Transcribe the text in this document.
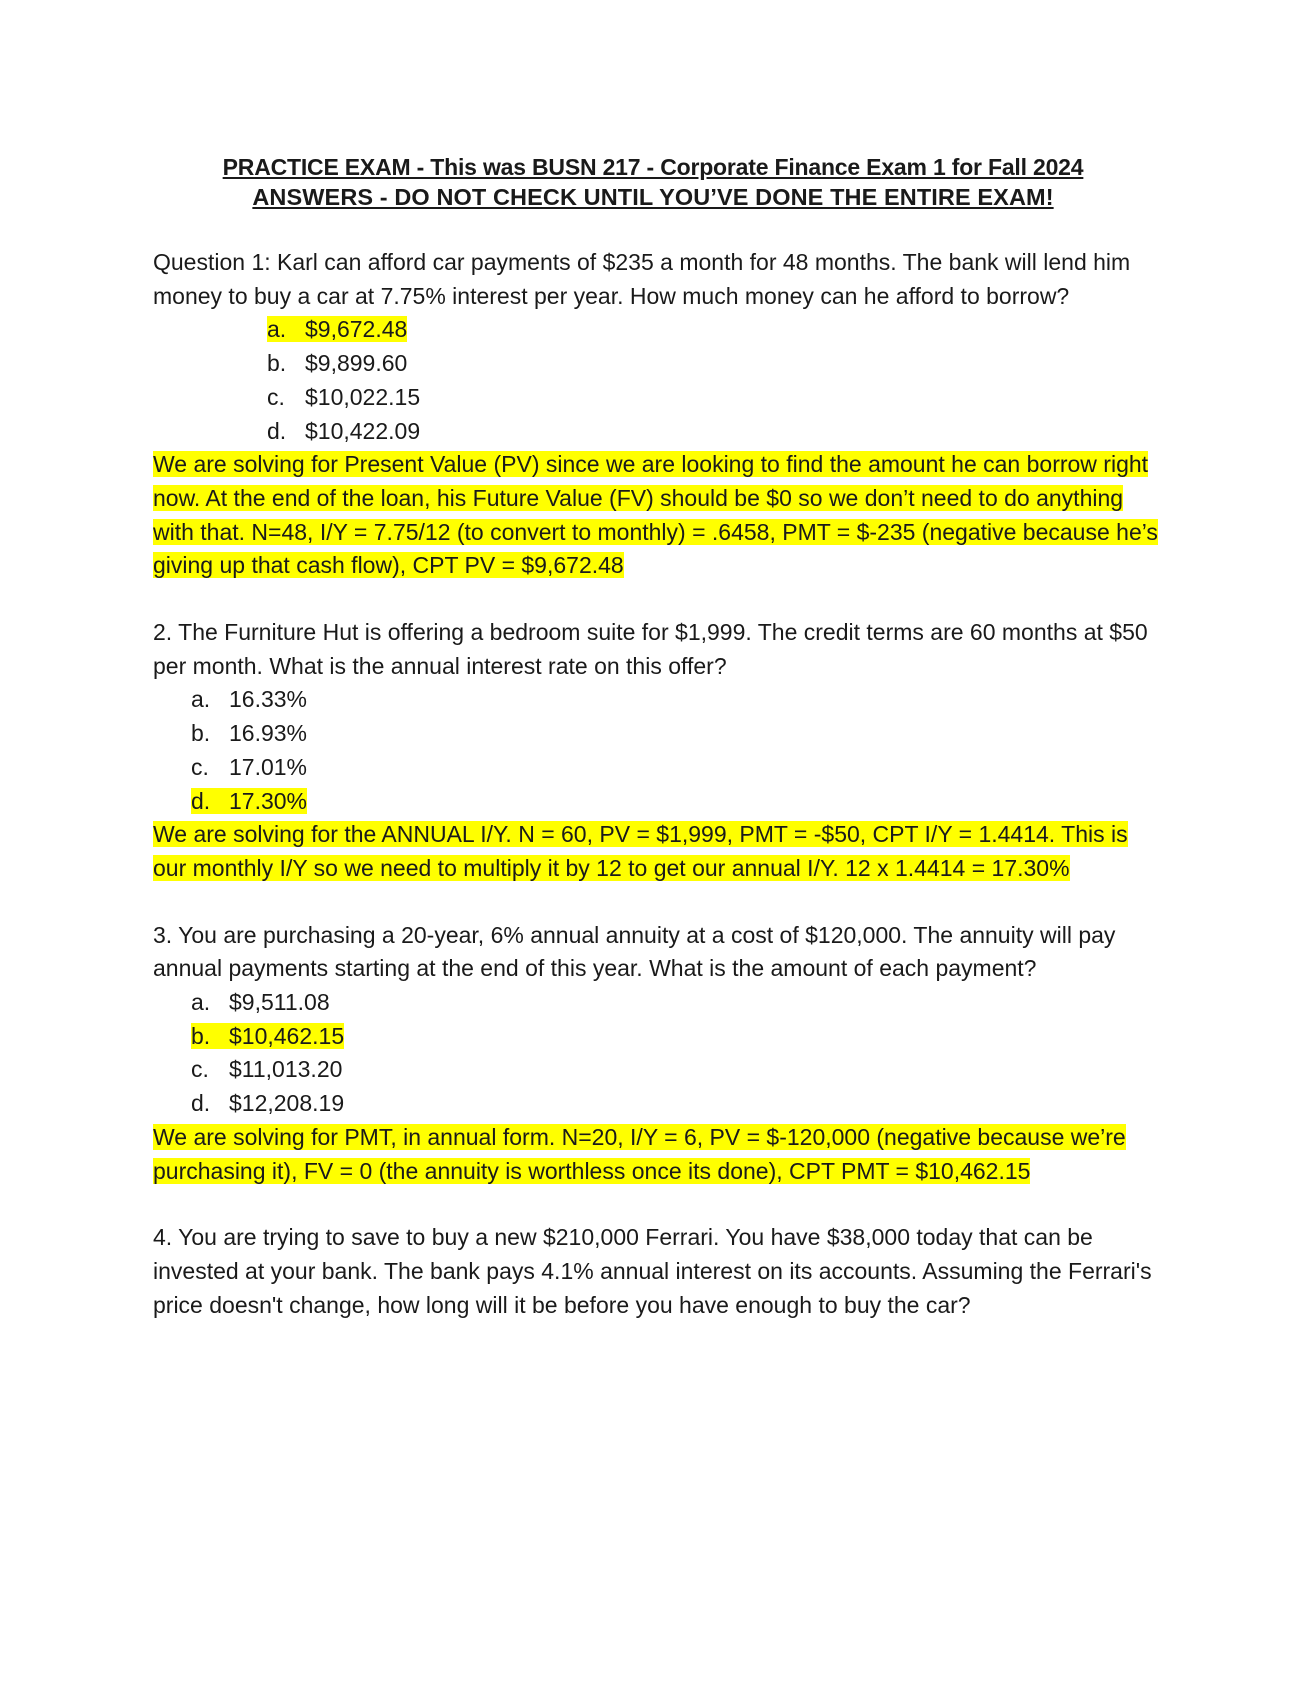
PRACTICE EXAM - This was BUSN 217 - Corporate Finance Exam 1 for Fall 2024
ANSWERS - DO NOT CHECK UNTIL YOU’VE DONE THE ENTIRE EXAM!

Question 1: Karl can afford car payments of $235 a month for 48 months. The bank will lend him money to buy a car at 7.75% interest per year. How much money can he afford to borrow?

a. $9,672.48
b. $9,899.60
c. $10,022.15
d. $10,422.09

We are solving for Present Value (PV) since we are looking to find the amount he can borrow right now. At the end of the loan, his Future Value (FV) should be $0 so we don’t need to do anything with that. N=48, I/Y = 7.75/12 (to convert to monthly) = .6458, PMT = $-235 (negative because he’s giving up that cash flow), CPT PV = $9,672.48

2. The Furniture Hut is offering a bedroom suite for $1,999. The credit terms are 60 months at $50 per month. What is the annual interest rate on this offer?

a. 16.33%
b. 16.93%
c. 17.01%
d. 17.30%

We are solving for the ANNUAL I/Y. N = 60, PV = $1,999, PMT = -$50, CPT I/Y = 1.4414. This is our monthly I/Y so we need to multiply it by 12 to get our annual I/Y. 12 x 1.4414 = 17.30%

3. You are purchasing a 20-year, 6% annual annuity at a cost of $120,000. The annuity will pay annual payments starting at the end of this year. What is the amount of each payment?

a. $9,511.08
b. $10,462.15
c. $11,013.20
d. $12,208.19

We are solving for PMT, in annual form. N=20, I/Y = 6, PV = $-120,000 (negative because we’re purchasing it), FV = 0 (the annuity is worthless once its done), CPT PMT = $10,462.15

4. You are trying to save to buy a new $210,000 Ferrari. You have $38,000 today that can be invested at your bank. The bank pays 4.1% annual interest on its accounts. Assuming the Ferrari's price doesn't change, how long will it be before you have enough to buy the car?
